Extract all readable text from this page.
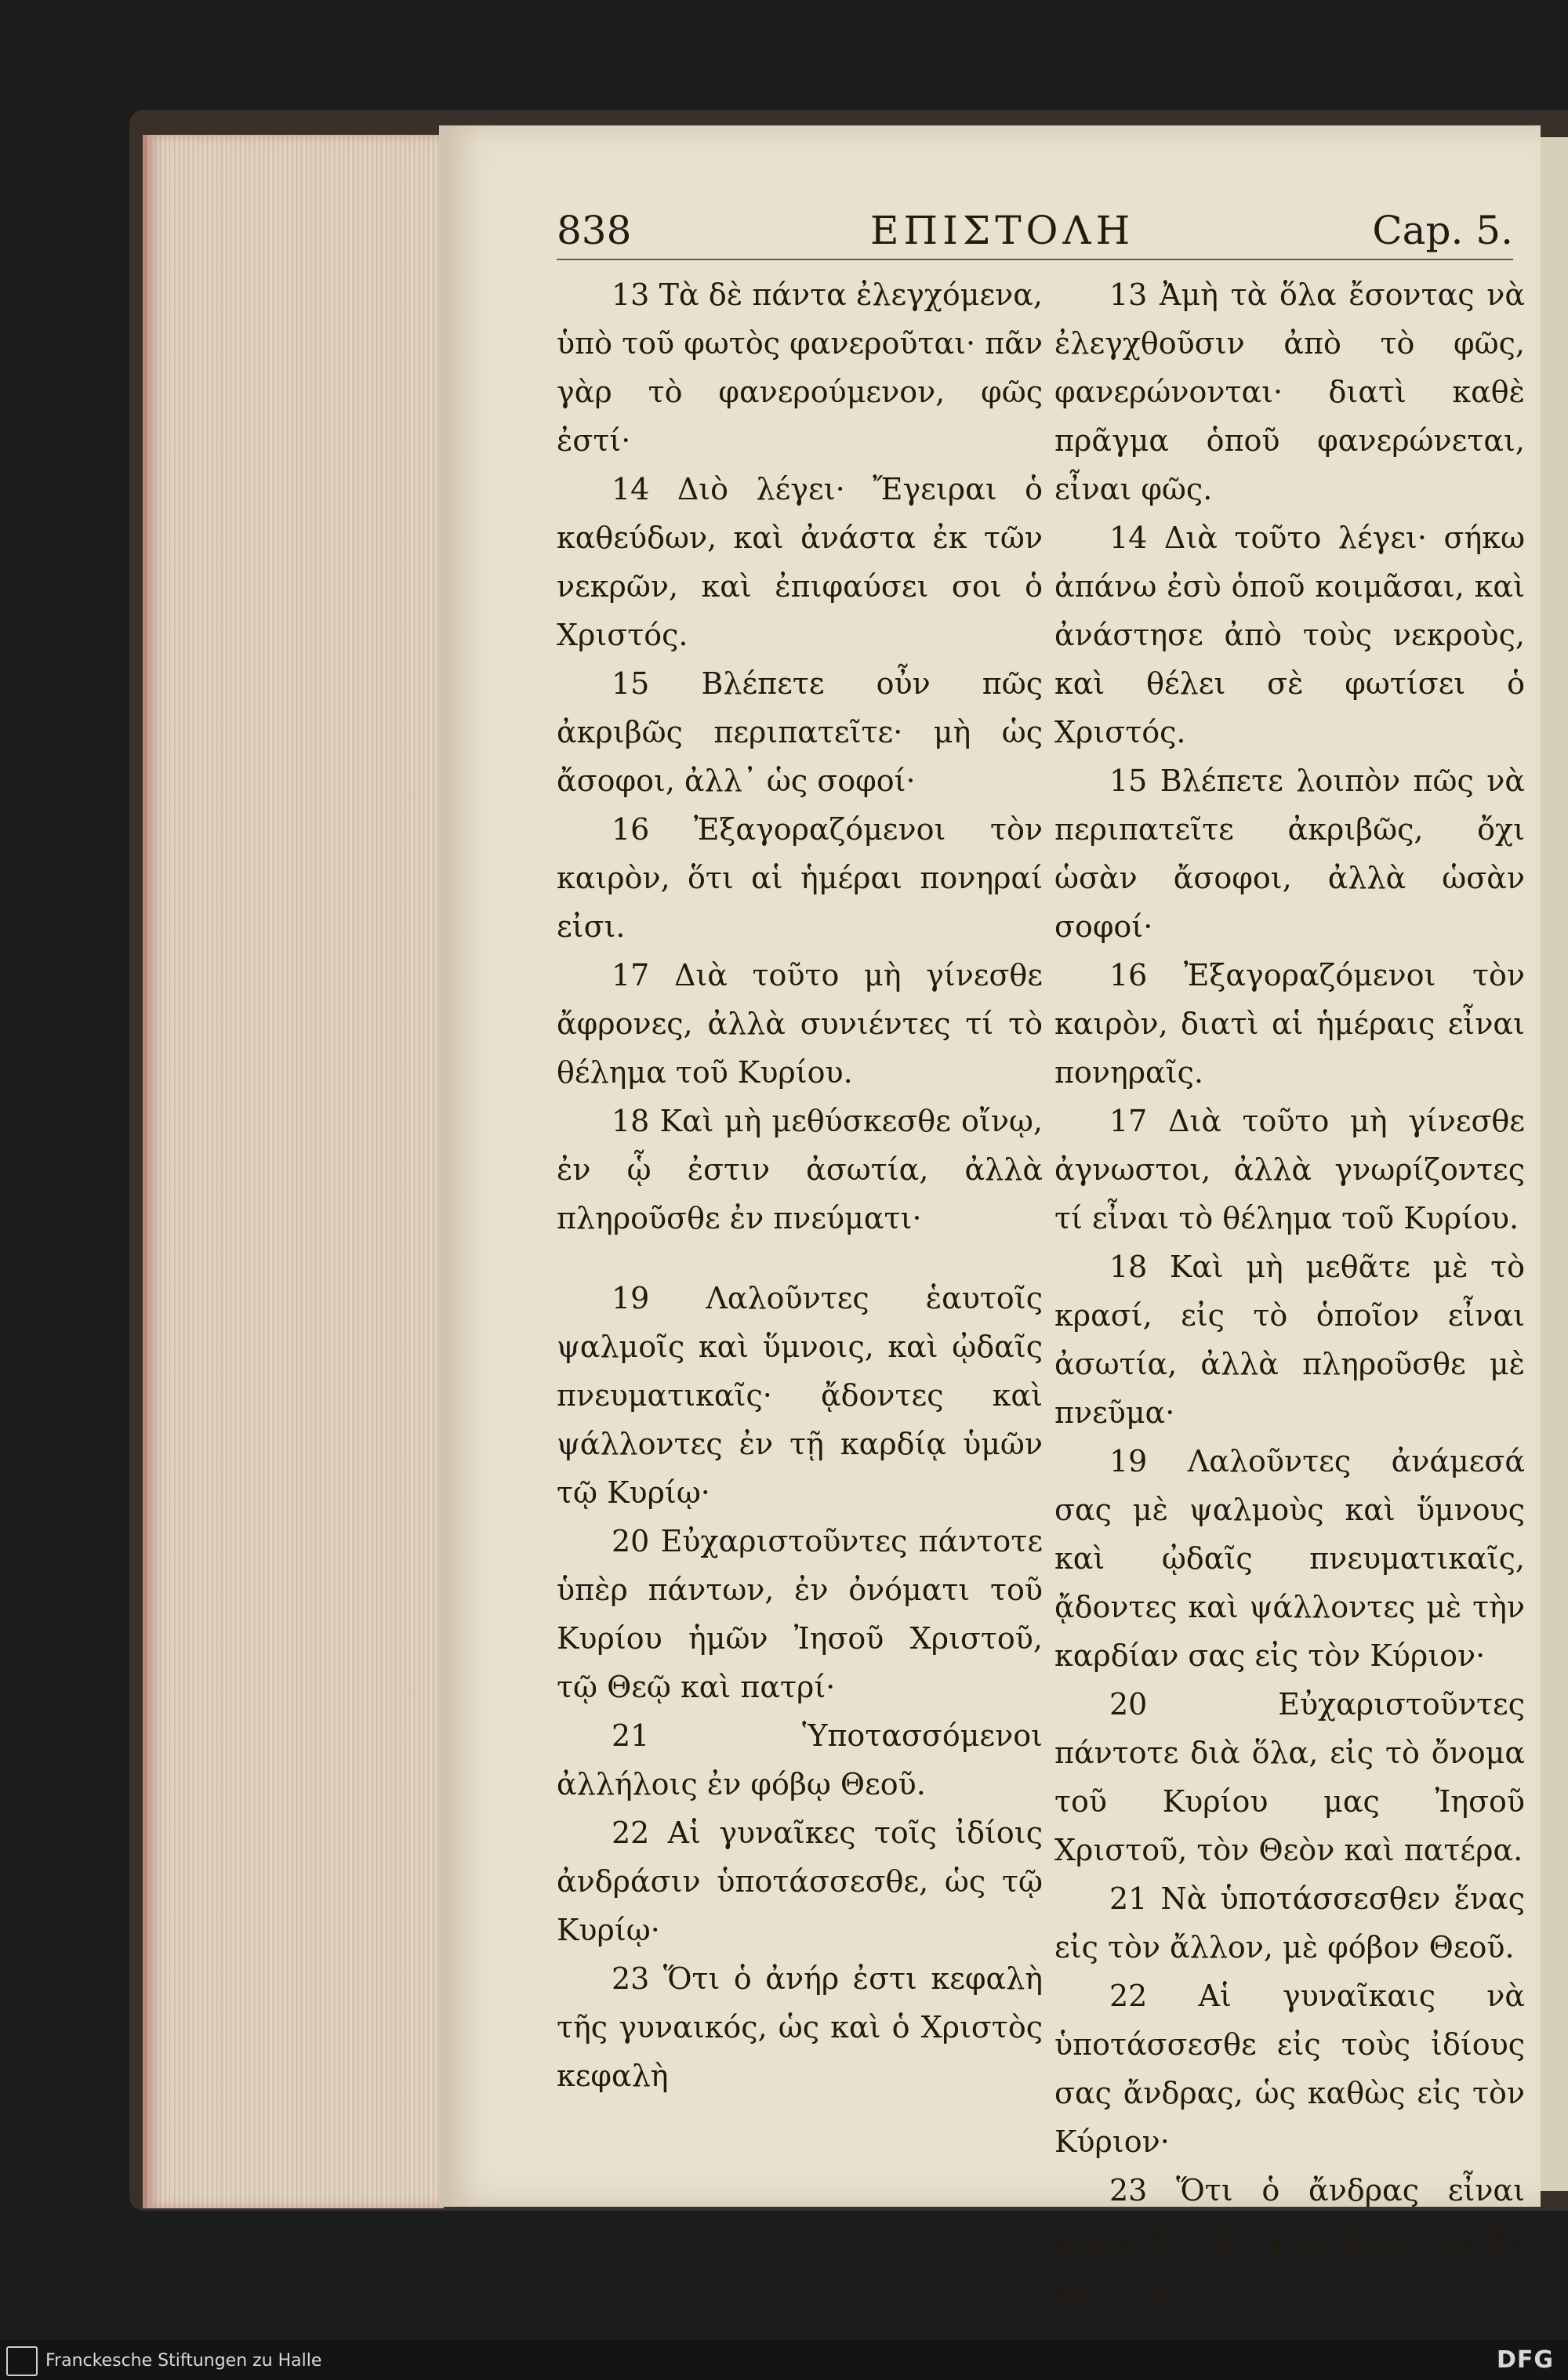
838	ΕΠΙΣΤΟΛΗ	Cap. 5.

13 Τὰ δὲ πάντα ἐλεγχόμενα, ὑπὸ τοῦ φωτὸς φανεροῦται· πᾶν γὰρ τὸ φανερούμενον, φῶς ἐστί·

14 Διὸ λέγει· Ἔγειραι ὁ καθεύδων, καὶ ἀνάστα ἐκ τῶν νεκρῶν, καὶ ἐπιφαύσει σοι ὁ Χριστός.

15 Βλέπετε οὖν πῶς ἀκριβῶς περιπατεῖτε· μὴ ὡς ἄσοφοι, ἀλλ᾽ ὡς σοφοί·

16 Ἐξαγοραζόμενοι τὸν καιρὸν, ὅτι αἱ ἡμέραι πονηραί εἰσι.

17 Διὰ τοῦτο μὴ γίνεσθε ἄφρονες, ἀλλὰ συνιέντες τί τὸ θέλημα τοῦ Κυρίου.

18 Καὶ μὴ μεθύσκεσθε οἴνῳ, ἐν ᾧ ἐστιν ἀσωτία, ἀλλὰ πληροῦσθε ἐν πνεύματι·

19 Λαλοῦντες ἑαυτοῖς ψαλμοῖς καὶ ὕμνοις, καὶ ᾠδαῖς πνευματικαῖς· ᾄδοντες καὶ ψάλλοντες ἐν τῇ καρδίᾳ ὑμῶν τῷ Κυρίῳ·

20 Εὐχαριστοῦντες πάντοτε ὑπὲρ πάντων, ἐν ὀνόματι τοῦ Κυρίου ἡμῶν Ἰησοῦ Χριστοῦ, τῷ Θεῷ καὶ πατρί·

21 Ὑποτασσόμενοι ἀλλήλοις ἐν φόβῳ Θεοῦ.

22 Αἱ γυναῖκες τοῖς ἰδίοις ἀνδράσιν ὑποτάσσεσθε, ὡς τῷ Κυρίῳ·

23 Ὅτι ὁ ἀνήρ ἐστι κεφαλὴ τῆς γυναικός, ὡς καὶ ὁ Χριστὸς κεφαλὴ

13 Ἀμὴ τὰ ὅλα ἔσοντας νὰ ἐλεγχθοῦσιν ἀπὸ τὸ φῶς, φανερώνονται· διατὶ καθὲ πρᾶγμα ὁποῦ φανερώνεται, εἶναι φῶς.

14 Διὰ τοῦτο λέγει· σήκω ἀπάνω ἐσὺ ὁποῦ κοιμᾶσαι, καὶ ἀνάστησε ἀπὸ τοὺς νεκροὺς, καὶ θέλει σὲ φωτίσει ὁ Χριστός.

15 Βλέπετε λοιπὸν πῶς νὰ περιπατεῖτε ἀκριβῶς, ὄχι ὡσὰν ἄσοφοι, ἀλλὰ ὡσὰν σοφοί·

16 Ἐξαγοραζόμενοι τὸν καιρὸν, διατὶ αἱ ἡμέραις εἶναι πονηραῖς.

17 Διὰ τοῦτο μὴ γίνεσθε ἀγνωστοι, ἀλλὰ γνωρίζοντες τί εἶναι τὸ θέλημα τοῦ Κυρίου.

18 Καὶ μὴ μεθᾶτε μὲ τὸ κρασί, εἰς τὸ ὁποῖον εἶναι ἀσωτία, ἀλλὰ πληροῦσθε μὲ πνεῦμα·

19 Λαλοῦντες ἀνάμεσά σας μὲ ψαλμοὺς καὶ ὕμνους καὶ ᾠδαῖς πνευματικαῖς, ᾄδοντες καὶ ψάλλοντες μὲ τὴν καρδίαν σας εἰς τὸν Κύριον·

20 Εὐχαριστοῦντες πάντοτε διὰ ὅλα, εἰς τὸ ὄνομα τοῦ Κυρίου μας Ἰησοῦ Χριστοῦ, τὸν Θεὸν καὶ πατέρα.

21 Νὰ ὑποτάσσεσθεν ἕνας εἰς τὸν ἄλλον, μὲ φόβον Θεοῦ.

22 Αἱ γυναῖκαις νὰ ὑποτάσσεσθε εἰς τοὺς ἰδίους σας ἄνδρας, ὡς καθὼς εἰς τὸν Κύριον·

23 Ὅτι ὁ ἄνδρας εἶναι κεφαλὴ τῆς γυναίκας, ὡσὰν καὶ ὁ Χρι-

Franckesche Stiftungen zu Halle	DFG
